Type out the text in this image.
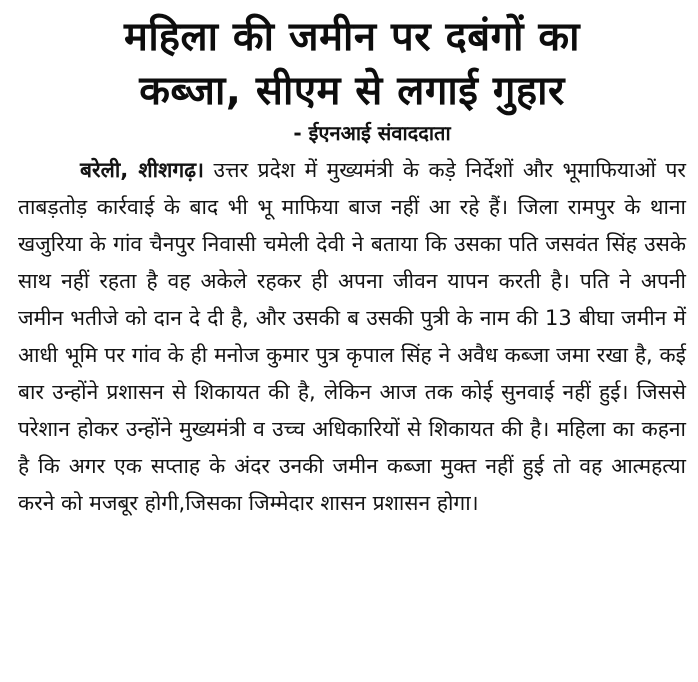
महिला की जमीन पर दबंगों का
कब्जा, सीएम से लगाई गुहार

- ईएनआई संवाददाता

बरेली, शीशगढ़। उत्तर प्रदेश में मुख्यमंत्री के कड़े निर्देशों और भूमाफियाओं पर ताबड़तोड़ कार्रवाई के बाद भी भू माफिया बाज नहीं आ रहे हैं। जिला रामपुर के थाना खजुरिया के गांव चैनपुर निवासी चमेली देवी ने बताया कि उसका पति जसवंत सिंह उसके साथ नहीं रहता है वह अकेले रहकर ही अपना जीवन यापन करती है। पति ने अपनी जमीन भतीजे को दान दे दी है, और उसकी ब उसकी पुत्री के नाम की 13 बीघा जमीन में आधी भूमि पर गांव के ही मनोज कुमार पुत्र कृपाल सिंह ने अवैध कब्जा जमा रखा है, कई बार उन्होंने प्रशासन से शिकायत की है, लेकिन आज तक कोई सुनवाई नहीं हुई। जिससे परेशान होकर उन्होंने मुख्यमंत्री व उच्च अधिकारियों से शिकायत की है। महिला का कहना है कि अगर एक सप्ताह के अंदर उनकी जमीन कब्जा मुक्त नहीं हुई तो वह आत्महत्या करने को मजबूर होगी,जिसका जिम्मेदार शासन प्रशासन होगा।
